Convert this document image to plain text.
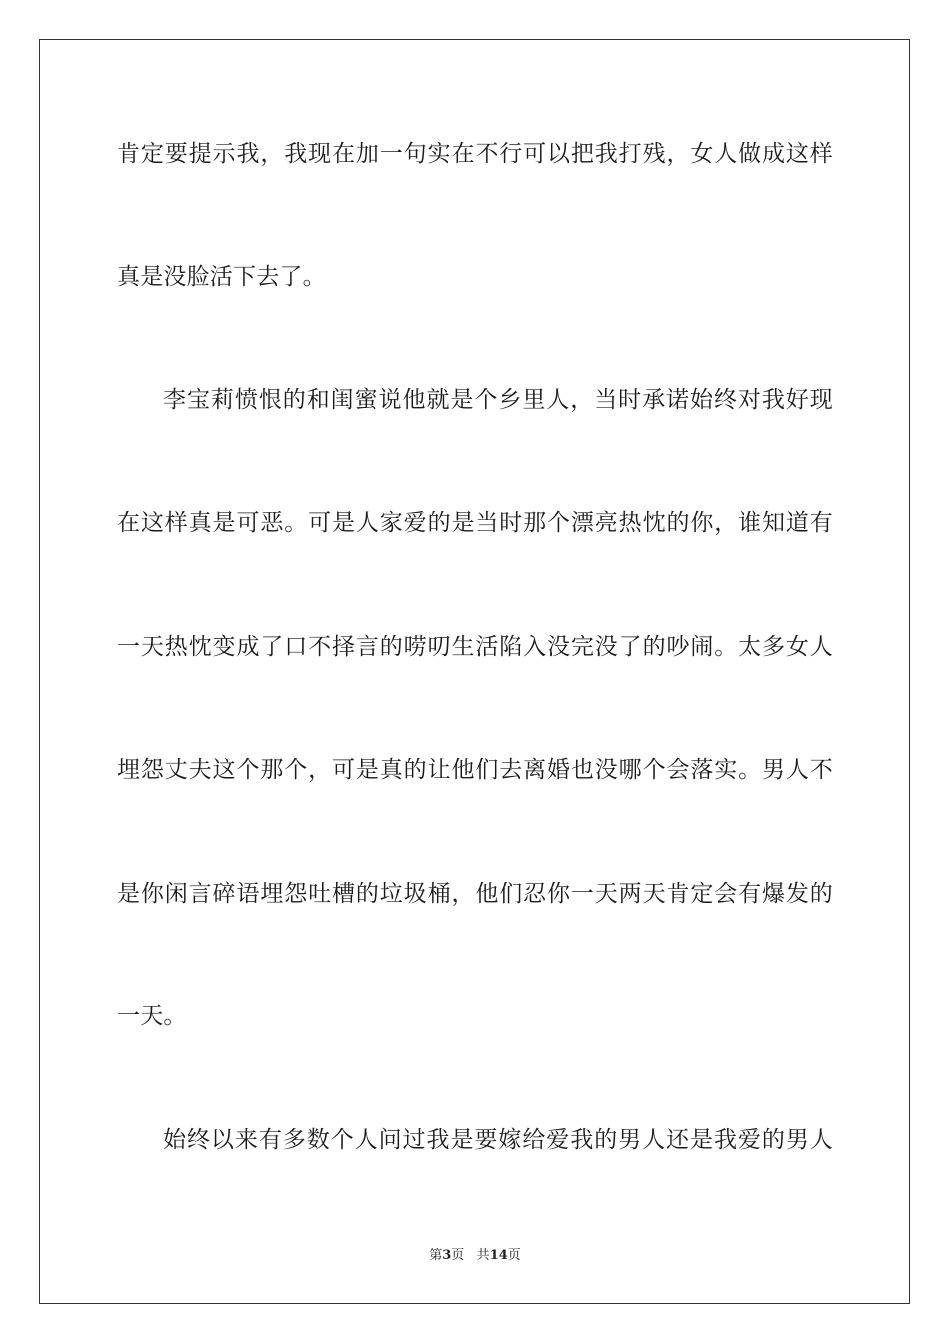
肯定要提示我，我现在加一句实在不行可以把我打残，女人做成这样
真是没脸活下去了。
李宝莉愤恨的和闺蜜说他就是个乡里人，当时承诺始终对我好现
在这样真是可恶。可是人家爱的是当时那个漂亮热忱的你，谁知道有
一天热忱变成了口不择言的唠叨生活陷入没完没了的吵闹。太多女人
埋怨丈夫这个那个，可是真的让他们去离婚也没哪个会落实。男人不
是你闲言碎语埋怨吐槽的垃圾桶，他们忍你一天两天肯定会有爆发的
一天。
始终以来有多数个人问过我是要嫁给爱我的男人还是我爱的男人
第3页 共14页
